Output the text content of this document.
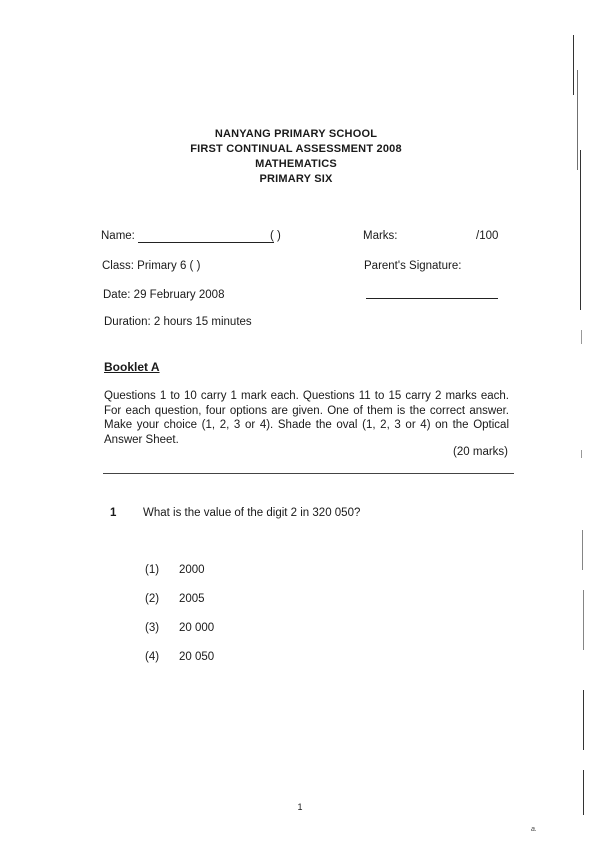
NANYANG PRIMARY SCHOOL
FIRST CONTINUAL ASSESSMENT 2008
MATHEMATICS
PRIMARY SIX
Name:	( )	Marks:	/100
Class: Primary 6 ( )	Parent's Signature:
Date: 29 February 2008
Duration: 2 hours 15 minutes
Booklet A
Questions 1 to 10 carry 1 mark each. Questions 11 to 15 carry 2 marks each. For each question, four options are given. One of them is the correct answer. Make your choice (1, 2, 3 or 4). Shade the oval (1, 2, 3 or 4) on the Optical Answer Sheet.
(20 marks)
1 What is the value of the digit 2 in 320 050?
(1) 2000
(2) 2005
(3) 20 000
(4) 20 050
1
a.
